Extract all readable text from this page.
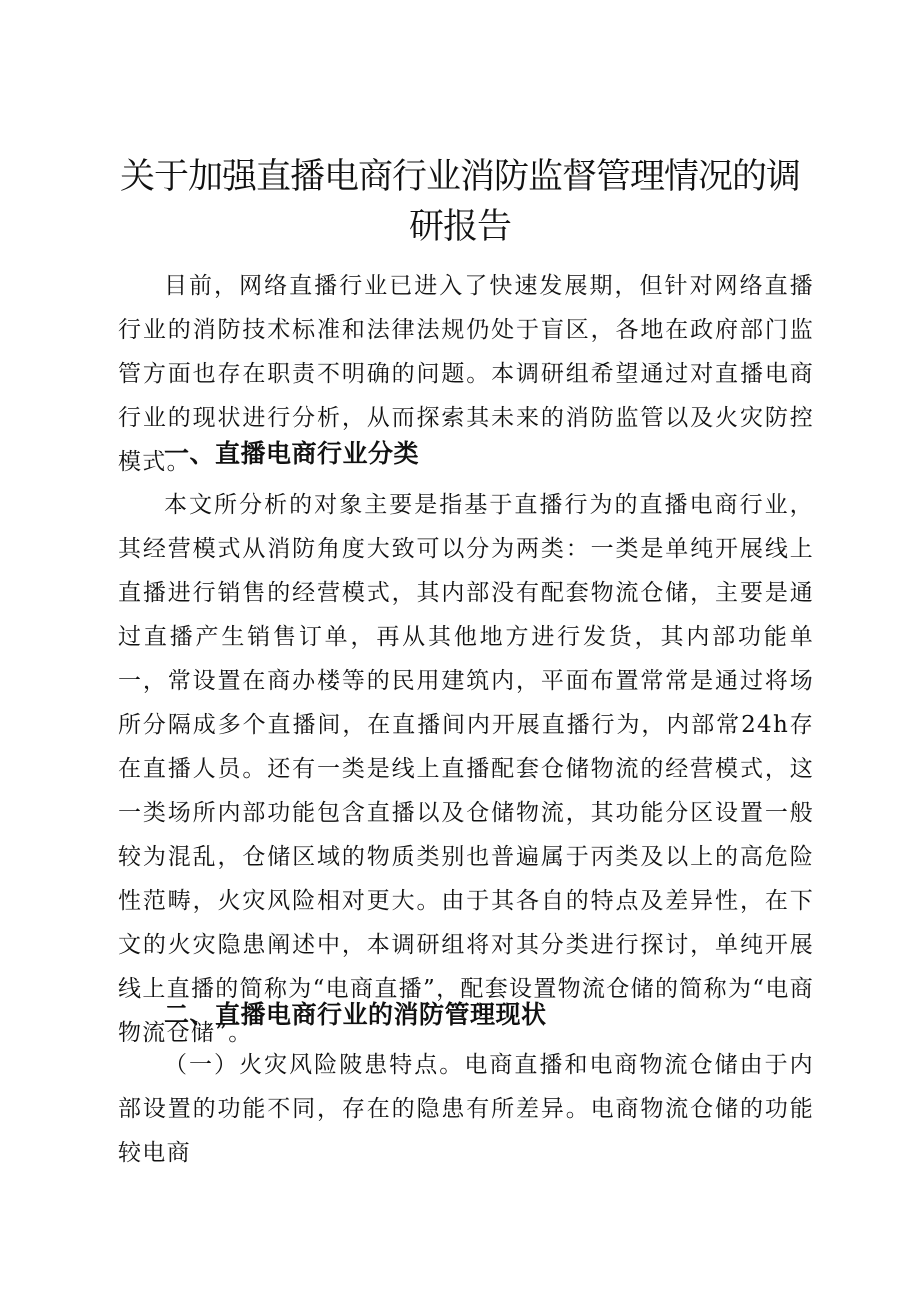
关于加强直播电商行业消防监督管理情况的调研报告

目前，网络直播行业已进入了快速发展期，但针对网络直播行业的消防技术标准和法律法规仍处于盲区，各地在政府部门监管方面也存在职责不明确的问题。本调研组希望通过对直播电商行业的现状进行分析，从而探索其未来的消防监管以及火灾防控模式。

一、直播电商行业分类

本文所分析的对象主要是指基于直播行为的直播电商行业，其经营模式从消防角度大致可以分为两类：一类是单纯开展线上直播进行销售的经营模式，其内部没有配套物流仓储，主要是通过直播产生销售订单，再从其他地方进行发货，其内部功能单一，常设置在商办楼等的民用建筑内，平面布置常常是通过将场所分隔成多个直播间，在直播间内开展直播行为，内部常24h存在直播人员。还有一类是线上直播配套仓储物流的经营模式，这一类场所内部功能包含直播以及仓储物流，其功能分区设置一般较为混乱，仓储区域的物质类别也普遍属于丙类及以上的高危险性范畴，火灾风险相对更大。由于其各自的特点及差异性，在下文的火灾隐患阐述中，本调研组将对其分类进行探讨，单纯开展线上直播的简称为“电商直播”，配套设置物流仓储的简称为“电商物流仓储”。

二、直播电商行业的消防管理现状

（一）火灾风险陂患特点。电商直播和电商物流仓储由于内部设置的功能不同，存在的隐患有所差异。电商物流仓储的功能较电商
